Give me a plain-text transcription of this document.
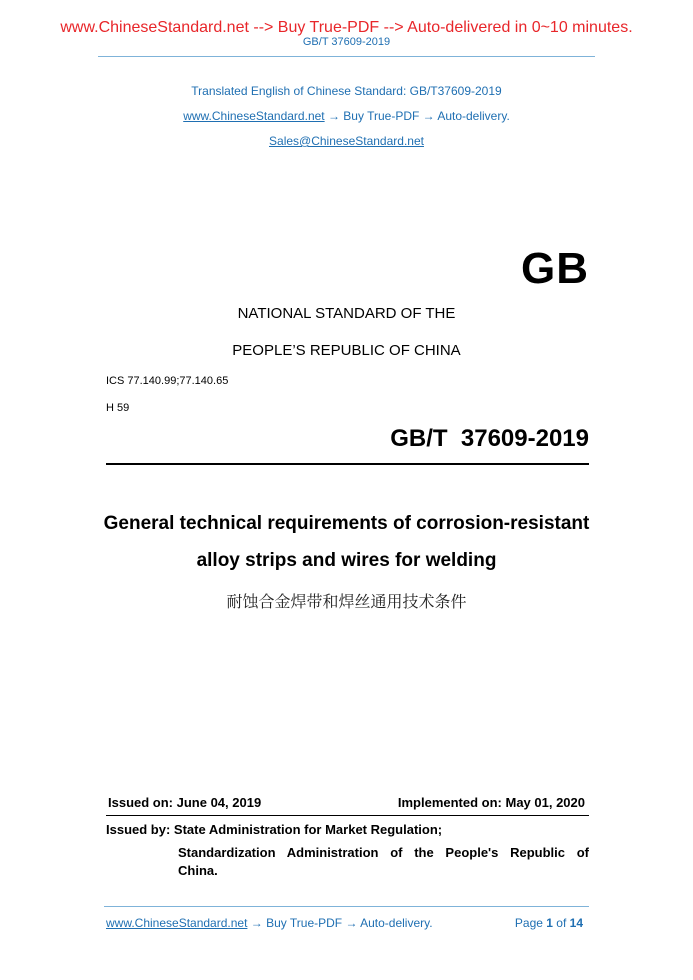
www.ChineseStandard.net --> Buy True-PDF --> Auto-delivered in 0~10 minutes.
GB/T 37609-2019
Translated English of Chinese Standard: GB/T37609-2019
www.ChineseStandard.net → Buy True-PDF → Auto-delivery.
Sales@ChineseStandard.net
GB
NATIONAL STANDARD OF THE
PEOPLE’S REPUBLIC OF CHINA
ICS 77.140.99;77.140.65
H 59
GB/T  37609-2019
General technical requirements of corrosion-resistant
alloy strips and wires for welding
耐蚀合金焊带和焊丝通用技术条件
Issued on: June 04, 2019	Implemented on: May 01, 2020
Issued by: State Administration for Market Regulation;
Standardization Administration of the People's Republic of
China.
www.ChineseStandard.net → Buy True-PDF → Auto-delivery.	Page 1 of 14
